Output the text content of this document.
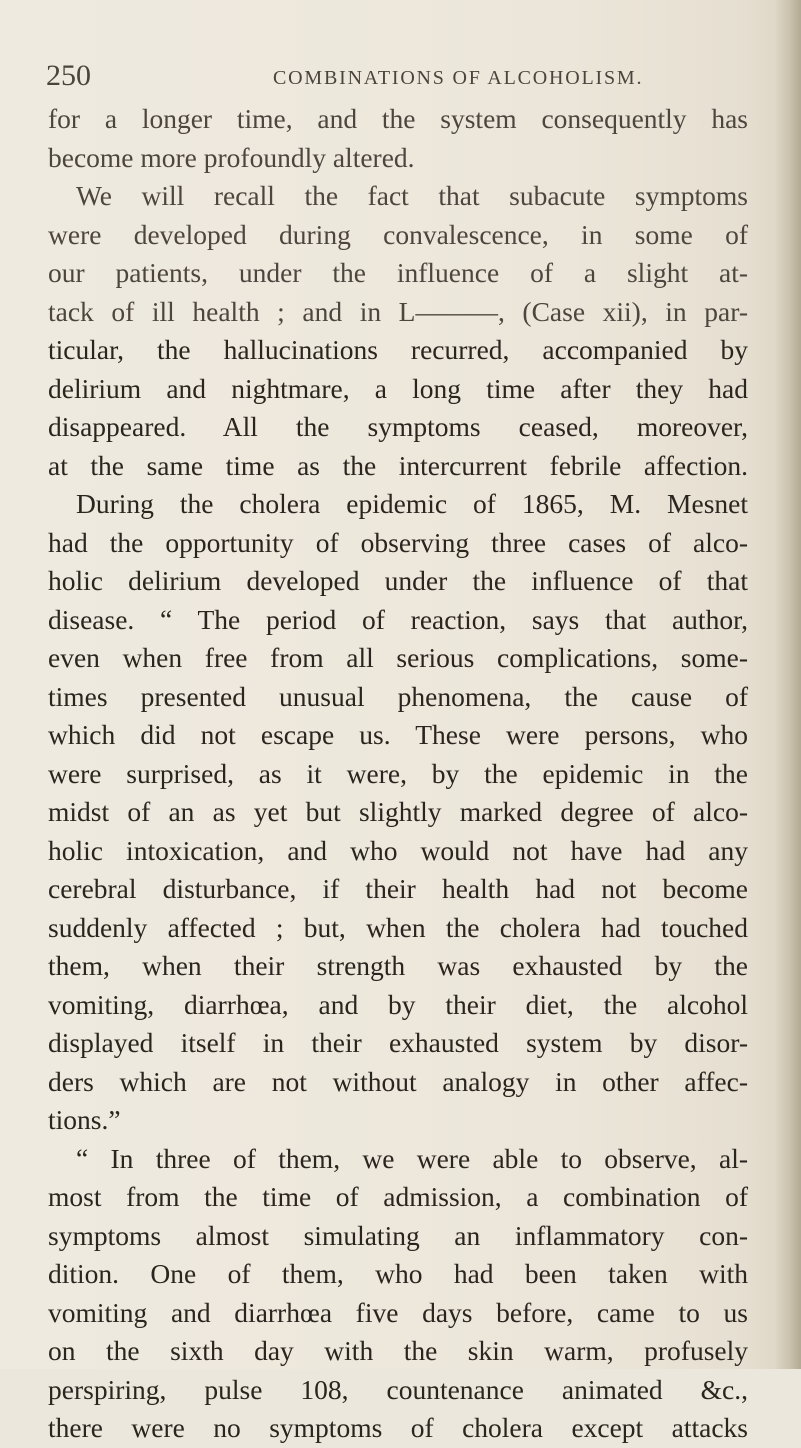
250	COMBINATIONS OF ALCOHOLISM.
for a longer time, and the system consequently has
become more profoundly altered.
We will recall the fact that subacute symptoms
were developed during convalescence, in some of
our patients, under the influence of a slight at-
tack of ill health ; and in L———, (Case xii), in par-
ticular, the hallucinations recurred, accompanied by
delirium and nightmare, a long time after they had
disappeared. All the symptoms ceased, moreover,
at the same time as the intercurrent febrile affection.
During the cholera epidemic of 1865, M. Mesnet
had the opportunity of observing three cases of alco-
holic delirium developed under the influence of that
disease. “ The period of reaction, says that author,
even when free from all serious complications, some-
times presented unusual phenomena, the cause of
which did not escape us. These were persons, who
were surprised, as it were, by the epidemic in the
midst of an as yet but slightly marked degree of alco-
holic intoxication, and who would not have had any
cerebral disturbance, if their health had not become
suddenly affected ; but, when the cholera had touched
them, when their strength was exhausted by the
vomiting, diarrhœa, and by their diet, the alcohol
displayed itself in their exhausted system by disor-
ders which are not without analogy in other affec-
tions.”
“ In three of them, we were able to observe, al-
most from the time of admission, a combination of
symptoms almost simulating an inflammatory con-
dition. One of them, who had been taken with
vomiting and diarrhœa five days before, came to us
on the sixth day with the skin warm, profusely
perspiring, pulse 108, countenance animated &c.,
there were no symptoms of cholera except attacks
